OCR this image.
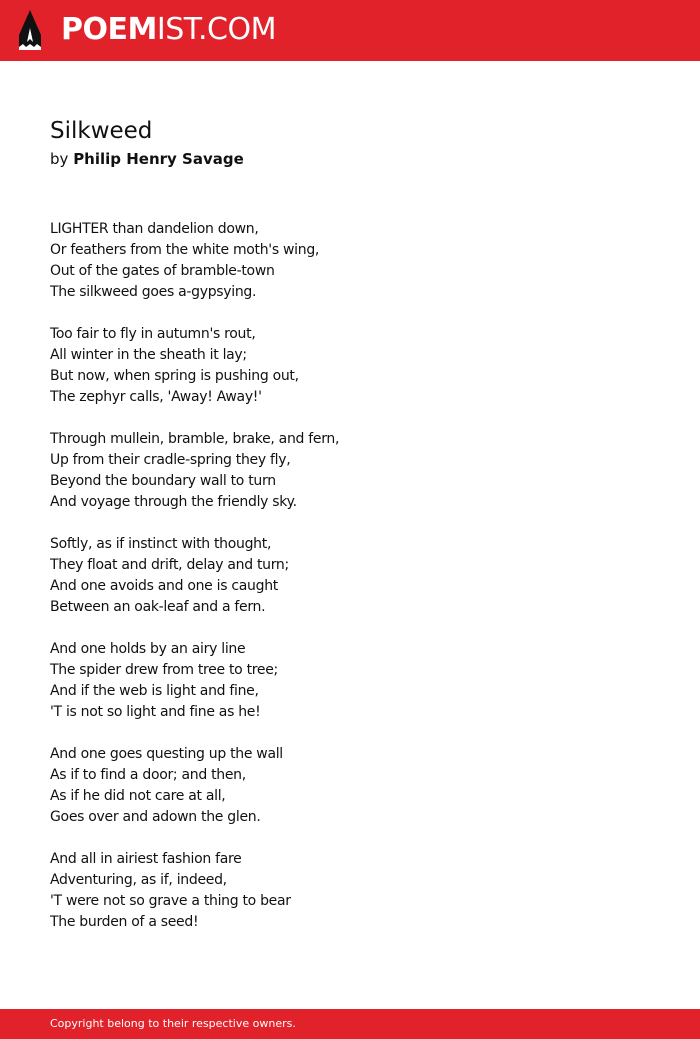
POEMIST.COM
Silkweed
by Philip Henry Savage
LIGHTER than dandelion down,
Or feathers from the white moth's wing,
Out of the gates of bramble-town
The silkweed goes a-gypsying.
Too fair to fly in autumn's rout,
All winter in the sheath it lay;
But now, when spring is pushing out,
The zephyr calls, 'Away! Away!'
Through mullein, bramble, brake, and fern,
Up from their cradle-spring they fly,
Beyond the boundary wall to turn
And voyage through the friendly sky.
Softly, as if instinct with thought,
They float and drift, delay and turn;
And one avoids and one is caught
Between an oak-leaf and a fern.
And one holds by an airy line
The spider drew from tree to tree;
And if the web is light and fine,
'T is not so light and fine as he!
And one goes questing up the wall
As if to find a door; and then,
As if he did not care at all,
Goes over and adown the glen.
And all in airiest fashion fare
Adventuring, as if, indeed,
'T were not so grave a thing to bear
The burden of a seed!
Copyright belong to their respective owners.
